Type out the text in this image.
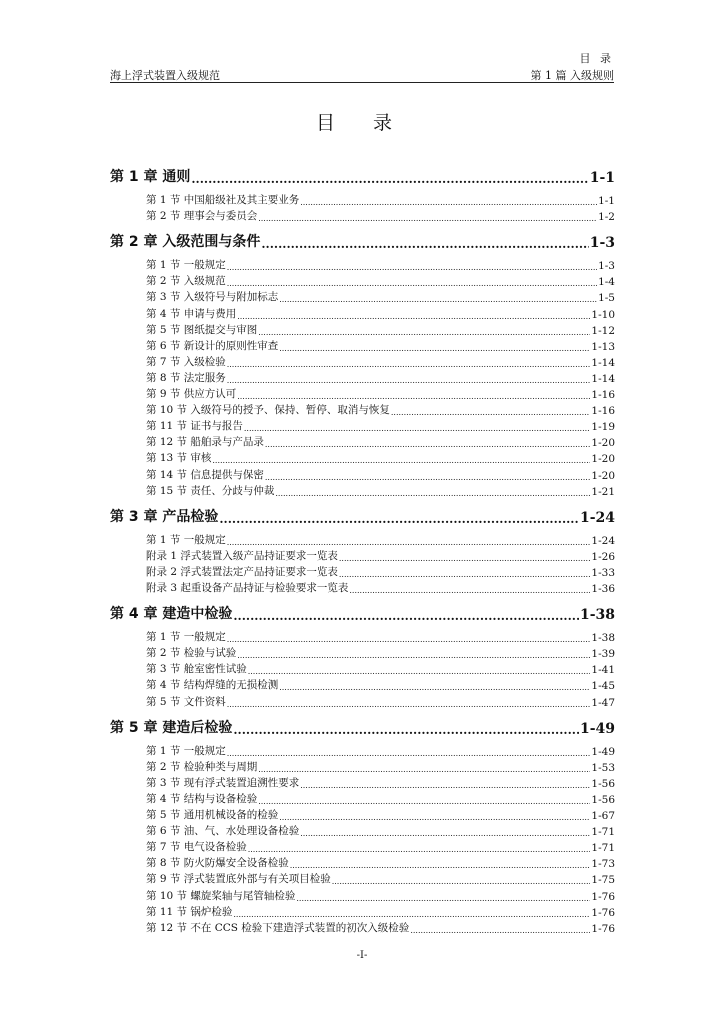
目 录
海上浮式装置入级规范	第 1 篇 入级规则
目 录
第 1 章 通则 .....	1-1
第 1 节 中国船级社及其主要业务 .....	1-1
第 2 节 理事会与委员会 .....	1-2
第 2 章 入级范围与条件 .....	1-3
第 1 节 一般规定 .....	1-3
第 2 节 入级规范 .....	1-4
第 3 节 入级符号与附加标志 .....	1-5
第 4 节 申请与费用 .....	1-10
第 5 节 图纸提交与审图 .....	1-12
第 6 节 新设计的原则性审查 .....	1-13
第 7 节 入级检验 .....	1-14
第 8 节 法定服务 .....	1-14
第 9 节 供应方认可 .....	1-16
第 10 节 入级符号的授予、保持、暂停、取消与恢复 .....	1-16
第 11 节 证书与报告 .....	1-19
第 12 节 船舶录与产品录 .....	1-20
第 13 节 审核 .....	1-20
第 14 节 信息提供与保密 .....	1-20
第 15 节 责任、分歧与仲裁 .....	1-21
第 3 章 产品检验 .....	1-24
第 1 节 一般规定 .....	1-24
附录 1 浮式装置入级产品持证要求一览表 .....	1-26
附录 2 浮式装置法定产品持证要求一览表 .....	1-33
附录 3 起重设备产品持证与检验要求一览表 .....	1-36
第 4 章 建造中检验 .....	1-38
第 1 节 一般规定 .....	1-38
第 2 节 检验与试验 .....	1-39
第 3 节 舱室密性试验 .....	1-41
第 4 节 结构焊缝的无损检测 .....	1-45
第 5 节 文件资料 .....	1-47
第 5 章 建造后检验 .....	1-49
第 1 节 一般规定 .....	1-49
第 2 节 检验种类与周期 .....	1-53
第 3 节 现有浮式装置追溯性要求 .....	1-56
第 4 节 结构与设备检验 .....	1-56
第 5 节 通用机械设备的检验 .....	1-67
第 6 节 油、气、水处理设备检验 .....	1-71
第 7 节 电气设备检验 .....	1-71
第 8 节 防火防爆安全设备检验 .....	1-73
第 9 节 浮式装置底外部与有关项目检验 .....	1-75
第 10 节 螺旋桨轴与尾管轴检验 .....	1-76
第 11 节 锅炉检验 .....	1-76
第 12 节 不在 CCS 检验下建造浮式装置的初次入级检验 .....	1-76
-I-
